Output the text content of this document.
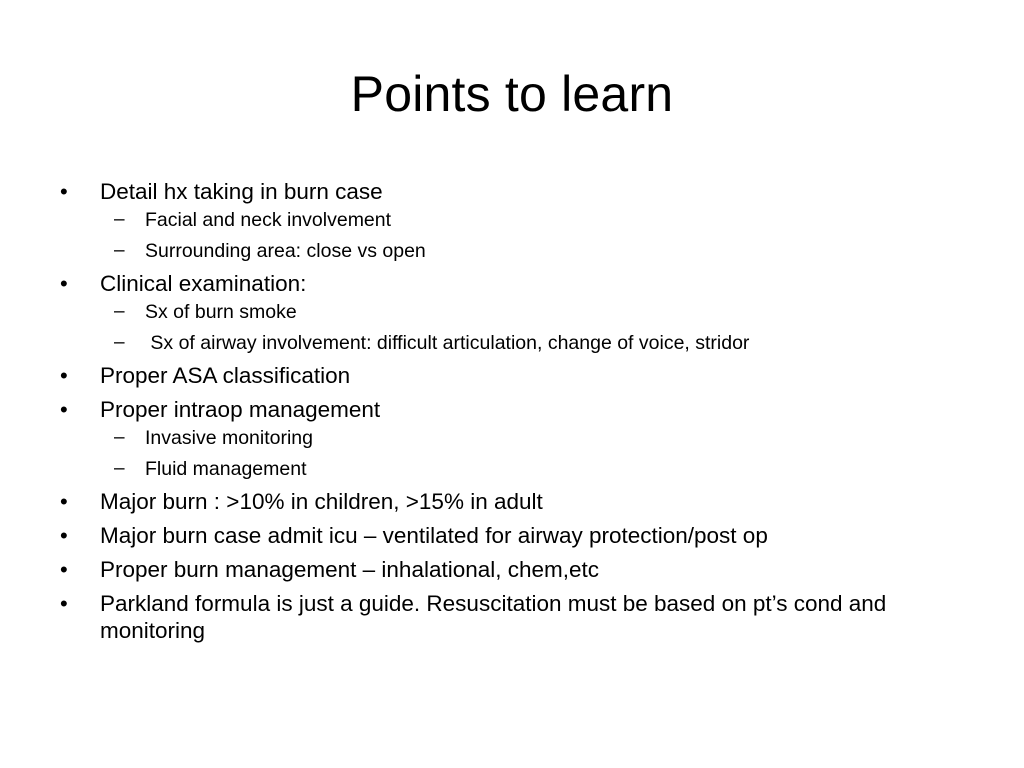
Points to learn
•	Detail hx taking in burn case
–	Facial and neck involvement
–	Surrounding area: close vs open
•	Clinical examination:
–	Sx of burn smoke
–	Sx of airway involvement: difficult articulation, change of voice, stridor
•	Proper ASA classification
•	Proper intraop management
–	Invasive monitoring
–	Fluid management
•	Major burn : >10% in children, >15% in adult
•	Major burn case admit icu – ventilated for airway protection/post op
•	Proper burn management – inhalational, chem,etc
•	Parkland formula is just a guide. Resuscitation must be based on pt’s cond and monitoring
